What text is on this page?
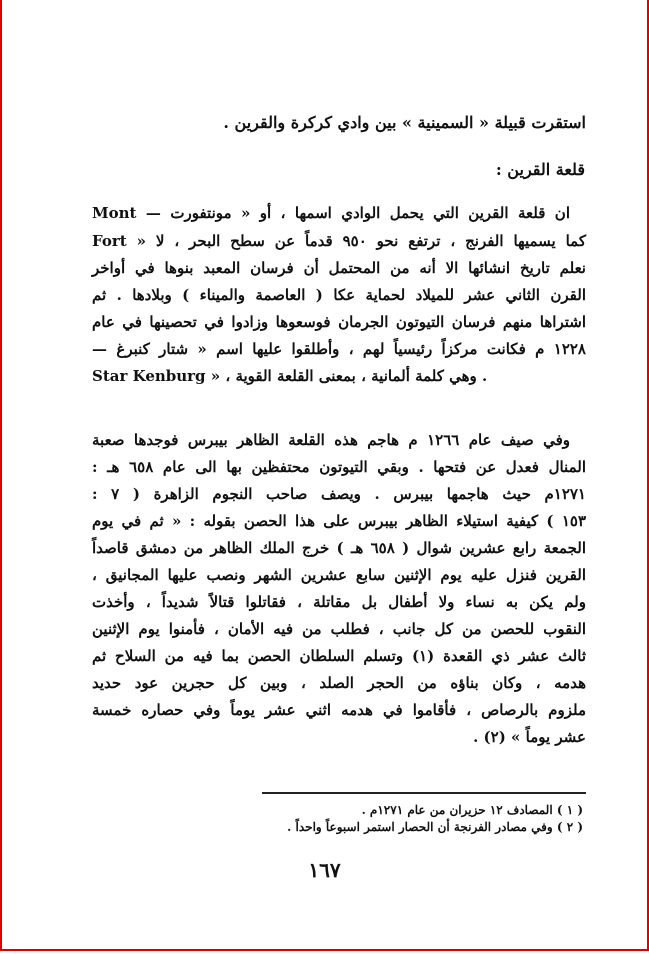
استقرت قبيلة « السمينية » بين وادي كركرة والقرين .
قلعة القرين :
ان قلعة القرين التي يحمل الوادي اسمها ، أو « مونتفورت — Mont
Fort » كما يسميها الفرنج ، ترتفع نحو ٩٥٠ قدماً عن سطح البحر ، لا
نعلم تاريخ انشائها الا أنه من المحتمل أن فرسان المعبد بنوها في أواخر
القرن الثاني عشر للميلاد لحماية عكا ( العاصمة والميناء ) وبلادها . ثم
اشتراها منهم فرسان التيوتون الجرمان فوسعوها وزادوا في تحصينها في عام
١٢٢٨ م فكانت مركزاً رئيسياً لهم ، وأطلقوا عليها اسم « شتار كنبرغ —
Star Kenburg » ، وهي كلمة ألمانية ، بمعنى القلعة القوية .
وفي صيف عام ١٢٦٦ م هاجم هذه القلعة الظاهر بيبرس فوجدها صعبة
المنال فعدل عن فتحها . وبقي التيوتون محتفظين بها الى عام ٦٥٨ هـ :
١٢٧١م حيث هاجمها بيبرس . ويصف صاحب النجوم الزاهرة ( ٧ :
١٥٣ ) كيفية استيلاء الظاهر بيبرس على هذا الحصن بقوله : « ثم في يوم
الجمعة رابع عشرين شوال ( ٦٥٨ هـ ) خرج الملك الظاهر من دمشق قاصداً
القرين فنزل عليه يوم الإثنين سابع عشرين الشهر ونصب عليها المجانيق ،
ولم يكن به نساء ولا أطفال بل مقاتلة ، فقاتلوا قتالاً شديداً ، وأخذت
النقوب للحصن من كل جانب ، فطلب من فيه الأمان ، فأمنوا يوم الإثنين
ثالث عشر ذي القعدة (١) وتسلم السلطان الحصن بما فيه من السلاح ثم
هدمه ، وكان بناؤه من الحجر الصلد ، وبين كل حجرين عود حديد
ملزوم بالرصاص ، فأقاموا في هدمه اثني عشر يوماً وفي حصاره خمسة
عشر يوماً » (٢) .
( ١ ) المصادف ١٢ حزيران من عام ١٢٧١م .
( ٢ ) وفي مصادر الفرنجة أن الحصار استمر اسبوعاً واحداً .
١٦٧
